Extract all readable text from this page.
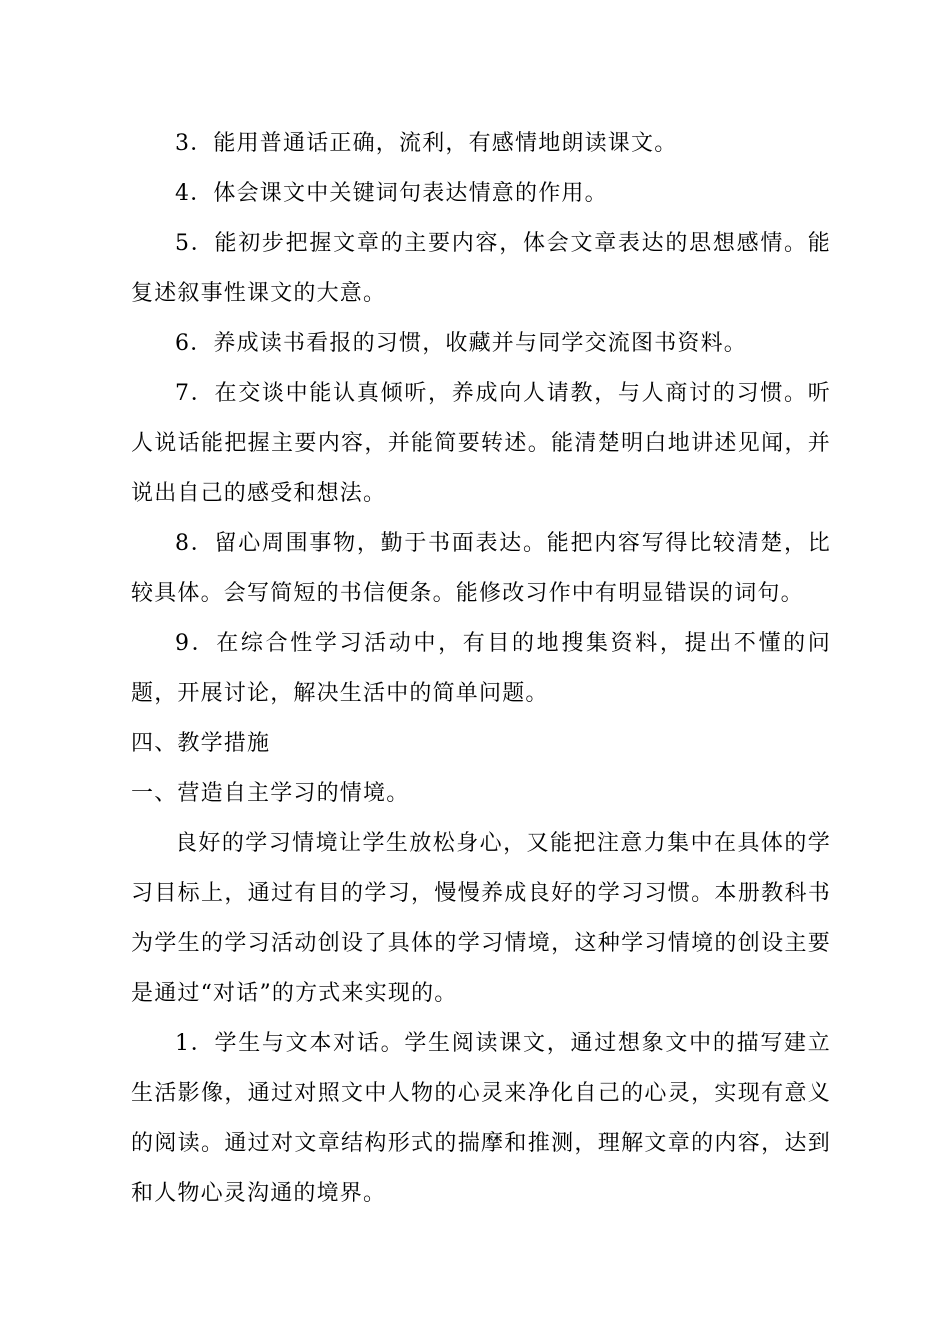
3．能用普通话正确，流利，有感情地朗读课文。

4．体会课文中关键词句表达情意的作用。

5．能初步把握文章的主要内容，体会文章表达的思想感情。能复述叙事性课文的大意。

6．养成读书看报的习惯，收藏并与同学交流图书资料。

7．在交谈中能认真倾听，养成向人请教，与人商讨的习惯。听人说话能把握主要内容，并能简要转述。能清楚明白地讲述见闻，并说出自己的感受和想法。

8．留心周围事物，勤于书面表达。能把内容写得比较清楚，比较具体。会写简短的书信便条。能修改习作中有明显错误的词句。

9．在综合性学习活动中，有目的地搜集资料，提出不懂的问题，开展讨论，解决生活中的简单问题。

四、教学措施

一、营造自主学习的情境。

良好的学习情境让学生放松身心，又能把注意力集中在具体的学习目标上，通过有目的学习，慢慢养成良好的学习习惯。本册教科书为学生的学习活动创设了具体的学习情境，这种学习情境的创设主要是通过“对话”的方式来实现的。

1．学生与文本对话。学生阅读课文，通过想象文中的描写建立生活影像，通过对照文中人物的心灵来净化自己的心灵，实现有意义的阅读。通过对文章结构形式的揣摩和推测，理解文章的内容，达到和人物心灵沟通的境界。
